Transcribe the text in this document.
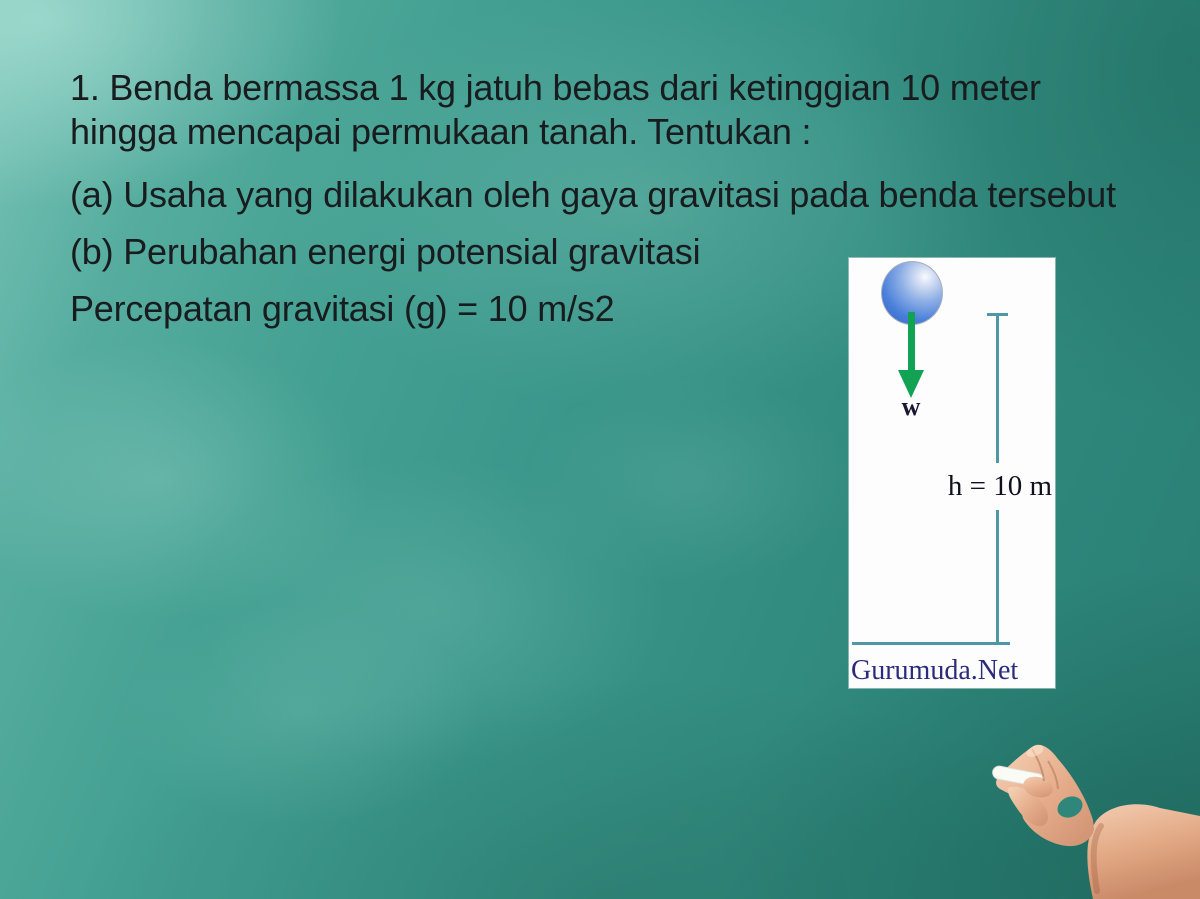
1. Benda bermassa 1 kg jatuh bebas dari ketinggian 10 meter
hingga mencapai permukaan tanah. Tentukan :
(a) Usaha yang dilakukan oleh gaya gravitasi pada benda tersebut
(b) Perubahan energi potensial gravitasi
Percepatan gravitasi (g) = 10 m/s2
w
h = 10 m
Gurumuda.Net
